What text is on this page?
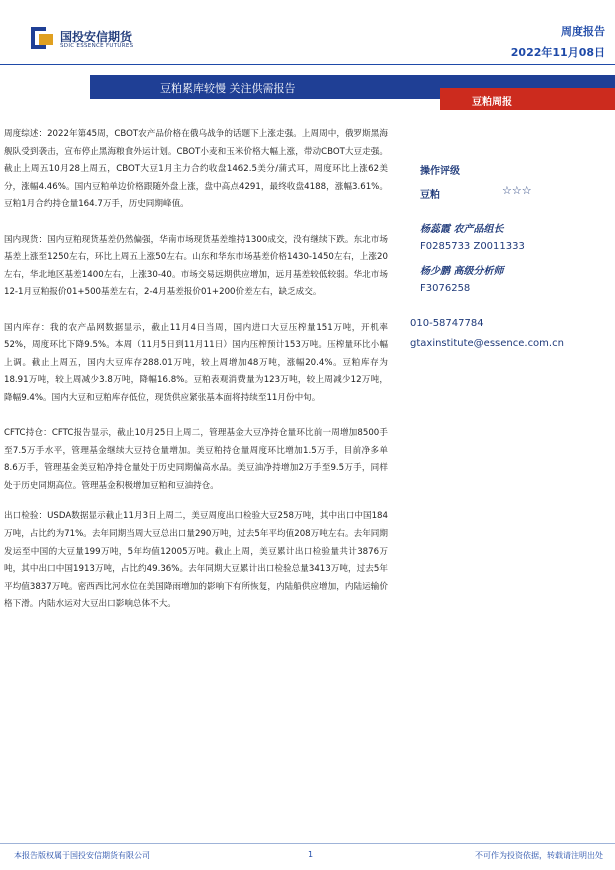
国投安信期货
SDIC ESSENCE FUTURES
周度报告
2022年11月08日
豆粕累库较慢 关注供需报告
豆粕周报

周度综述：2022年第45周，CBOT农产品价格在俄乌战争的话题下上涨走强。上周周中，俄罗斯黑海舰队受到袭击，宣布停止黑海粮食外运计划。CBOT小麦和玉米价格大幅上涨，带动CBOT大豆走强。截止上周五10月28上周五，CBOT大豆1月主力合约收盘1462.5美分/蒲式耳，周度环比上涨62美分，涨幅4.46%。国内豆粕单边价格跟随外盘上涨，盘中高点4291，最终收盘4188，涨幅3.61%。豆粕1月合约持仓量164.7万手，历史同期峰值。

国内现货：国内豆粕现货基差仍然偏强，华南市场现货基差维持1300成交，没有继续下跌。东北市场基差上涨至1250左右，环比上周五上涨50左右。山东和华东市场基差价格1430-1450左右，上涨20左右，华北地区基差1400左右，上涨30-40。市场交易远期供应增加，远月基差较低较弱。华北市场12-1月豆粕报价01+500基差左右，2-4月基差报价01+200价差左右，缺乏成交。

国内库存：我的农产品网数据显示，截止11月4日当周，国内进口大豆压榨量151万吨，开机率52%，周度环比下降9.5%。本周（11月5日到11月11日）国内压榨预计153万吨。压榨量环比小幅上调。截止上周五，国内大豆库存288.01万吨，较上周增加48万吨，涨幅20.4%。豆粕库存为18.91万吨，较上周减少3.8万吨，降幅16.8%。豆粕表观消费量为123万吨，较上周减少12万吨，降幅9.4%。国内大豆和豆粕库存低位，现货供应紧张基本面将持续至11月份中旬。

CFTC持仓：CFTC报告显示，截止10月25日上周二，管理基金大豆净持仓量环比前一周增加8500手至7.5万手水平，管理基金继续大豆持仓量增加。美豆粕持仓量周度环比增加1.5万手，目前净多单8.6万手，管理基金美豆粕净持仓量处于历史同期偏高水品。美豆油净持增加2万手至9.5万手，同样处于历史同期高位。管理基金积极增加豆粕和豆油持仓。

出口检验：USDA数据显示截止11月3日上周二，美豆周度出口检验大豆258万吨，其中出口中国184万吨，占比约为71%。去年同期当周大豆总出口量290万吨，过去5年平均值208万吨左右。去年同期发运至中国的大豆量199万吨，5年均值12005万吨。截止上周，美豆累计出口检验量共计3876万吨，其中出口中国1913万吨，占比约49.36%。去年同期大豆累计出口检验总量3413万吨，过去5年平均值3837万吨。密西西比河水位在美国降雨增加的影响下有所恢复，内陆船供应增加，内陆运输价格下滑。内陆水运对大豆出口影响总体不大。

操作评级
豆粕	☆☆☆
杨蕊霞 农产品组长
F0285733 Z0011333
杨少鹏 高级分析师
F3076258
010-58747784
gtaxinstitute@essence.com.cn
本报告版权属于国投安信期货有限公司	1	不可作为投资依据，转载请注明出处
